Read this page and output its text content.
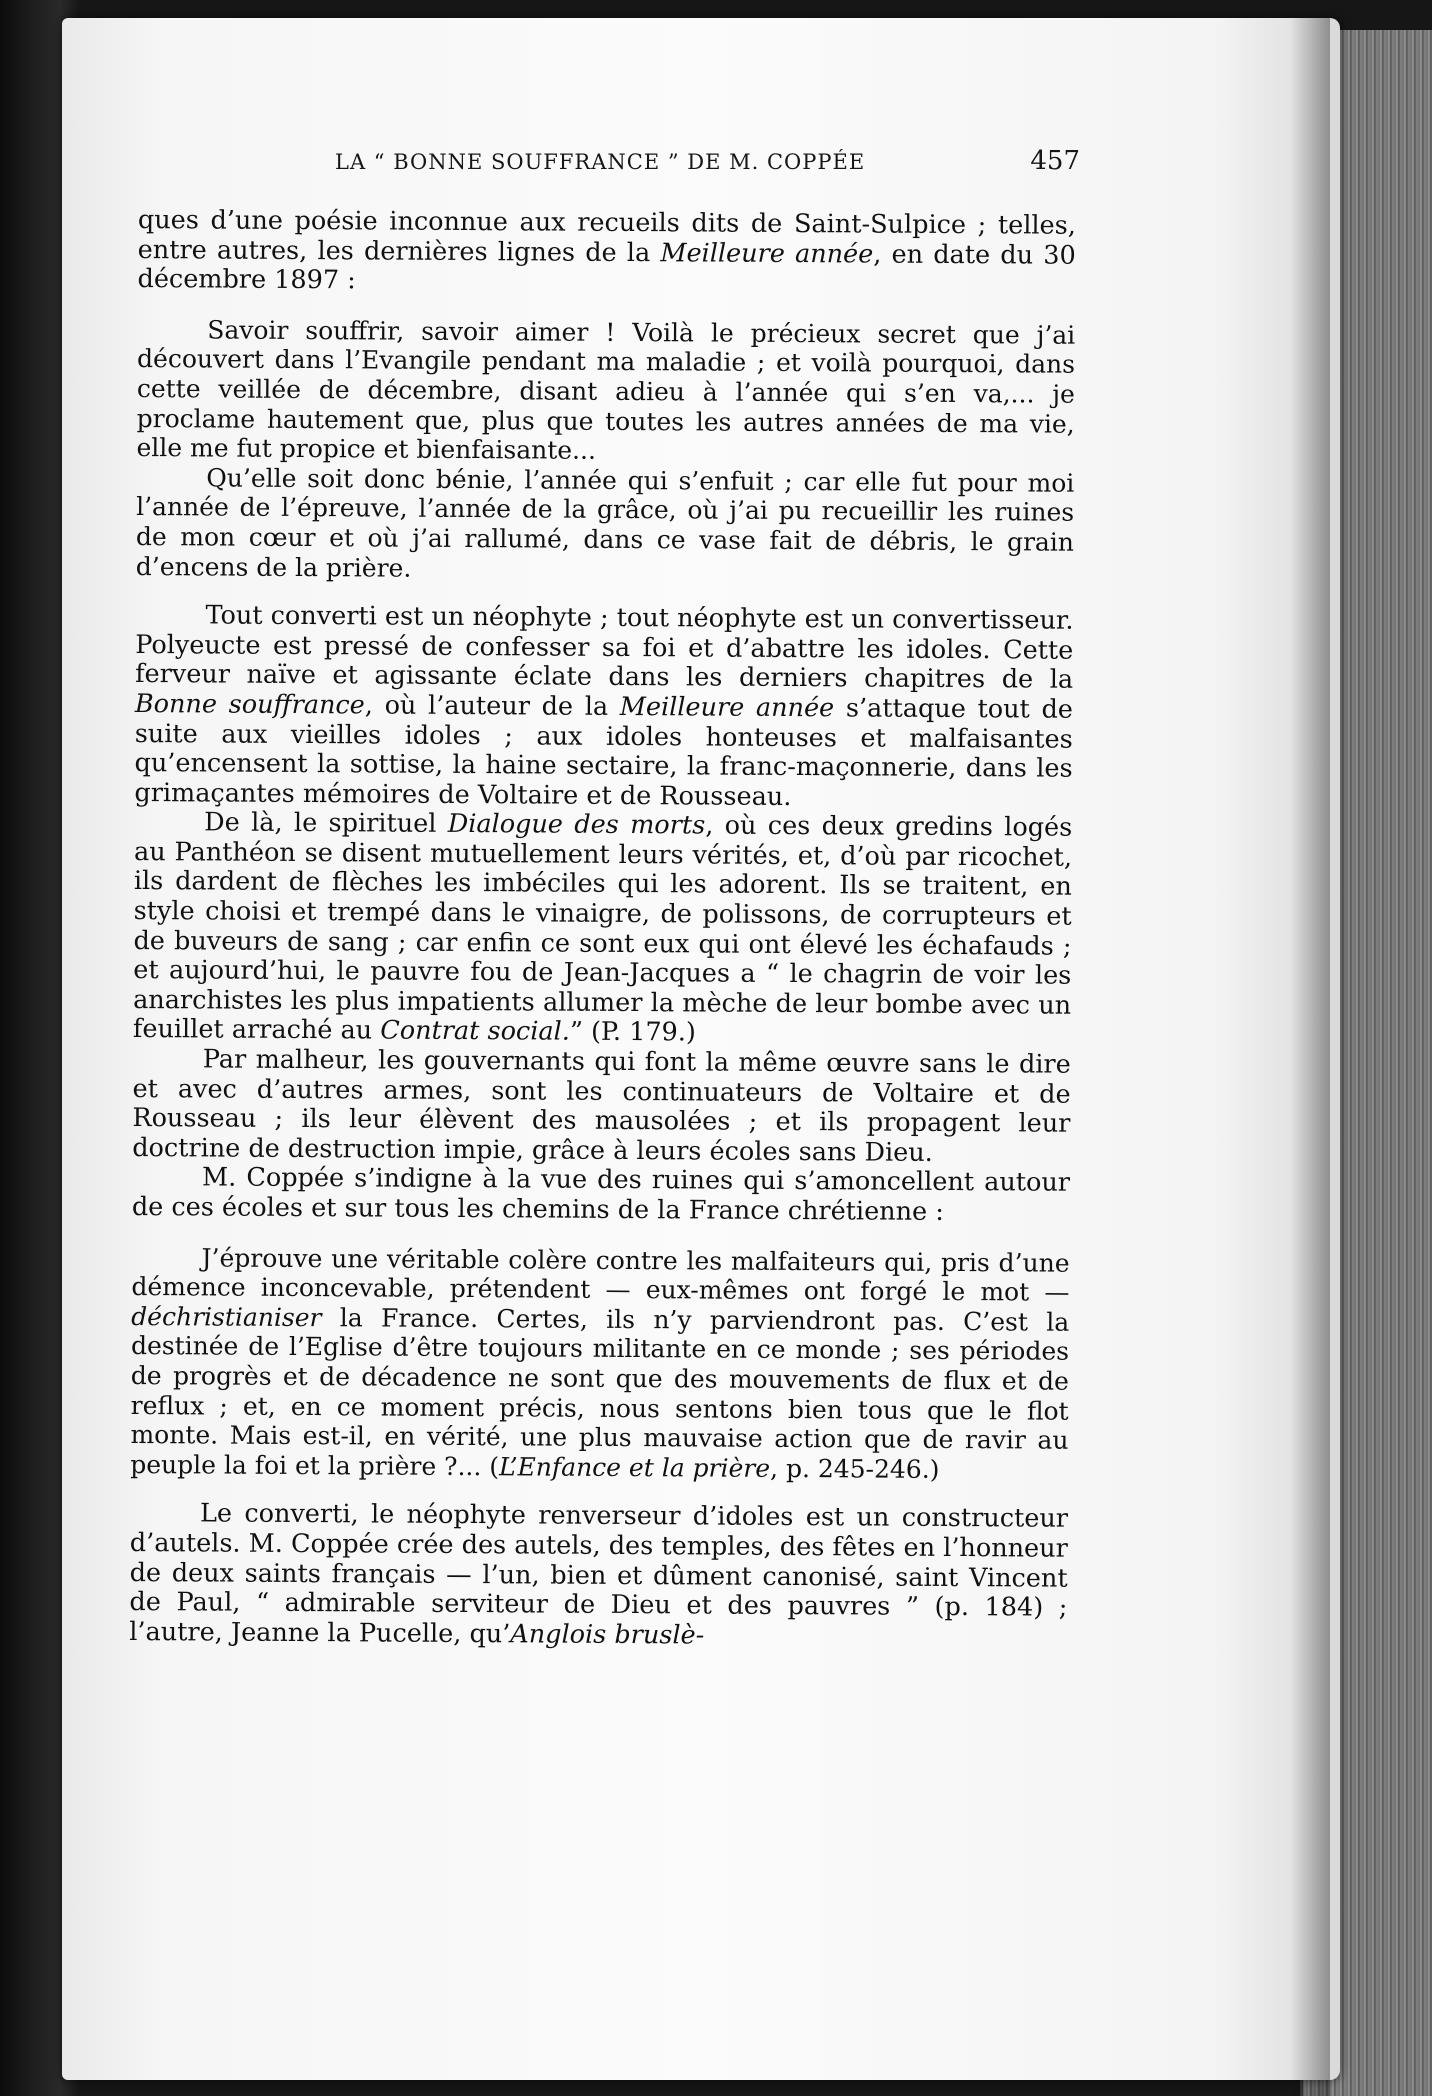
LA “ BONNE SOUFFRANCE ” DE M. COPPÉE	457

ques d’une poésie inconnue aux recueils dits de Saint-Sulpice ; telles, entre autres, les dernières lignes de la Meilleure année, en date du 30 décembre 1897 :

Savoir souffrir, savoir aimer ! Voilà le précieux secret que j’ai découvert dans l’Evangile pendant ma maladie ; et voilà pourquoi, dans cette veillée de décembre, disant adieu à l’année qui s’en va,... je proclame hautement que, plus que toutes les autres années de ma vie, elle me fut propice et bienfaisante...

Qu’elle soit donc bénie, l’année qui s’enfuit ; car elle fut pour moi l’année de l’épreuve, l’année de la grâce, où j’ai pu recueillir les ruines de mon cœur et où j’ai rallumé, dans ce vase fait de débris, le grain d’encens de la prière.

Tout converti est un néophyte ; tout néophyte est un convertisseur. Polyeucte est pressé de confesser sa foi et d’abattre les idoles. Cette ferveur naïve et agissante éclate dans les derniers chapitres de la Bonne souffrance, où l’auteur de la Meilleure année s’attaque tout de suite aux vieilles idoles ; aux idoles honteuses et malfaisantes qu’encensent la sottise, la haine sectaire, la franc-maçonnerie, dans les grimaçantes mémoires de Voltaire et de Rousseau.

De là, le spirituel Dialogue des morts, où ces deux gredins logés au Panthéon se disent mutuellement leurs vérités, et, d’où par ricochet, ils dardent de flèches les imbéciles qui les adorent. Ils se traitent, en style choisi et trempé dans le vinaigre, de polissons, de corrupteurs et de buveurs de sang ; car enfin ce sont eux qui ont élevé les échafauds ; et aujourd’hui, le pauvre fou de Jean-Jacques a “ le chagrin de voir les anarchistes les plus impatients allumer la mèche de leur bombe avec un feuillet arraché au Contrat social.” (P. 179.)

Par malheur, les gouvernants qui font la même œuvre sans le dire et avec d’autres armes, sont les continuateurs de Voltaire et de Rousseau ; ils leur élèvent des mausolées ; et ils propagent leur doctrine de destruction impie, grâce à leurs écoles sans Dieu.

M. Coppée s’indigne à la vue des ruines qui s’amoncellent autour de ces écoles et sur tous les chemins de la France chrétienne :

J’éprouve une véritable colère contre les malfaiteurs qui, pris d’une démence inconcevable, prétendent — eux-mêmes ont forgé le mot — déchristianiser la France. Certes, ils n’y parviendront pas. C’est la destinée de l’Eglise d’être toujours militante en ce monde ; ses périodes de progrès et de décadence ne sont que des mouvements de flux et de reflux ; et, en ce moment précis, nous sentons bien tous que le flot monte. Mais est-il, en vérité, une plus mauvaise action que de ravir au peuple la foi et la prière ?... (L’Enfance et la prière, p. 245-246.)

Le converti, le néophyte renverseur d’idoles est un constructeur d’autels. M. Coppée crée des autels, des temples, des fêtes en l’honneur de deux saints français — l’un, bien et dûment canonisé, saint Vincent de Paul, “ admirable serviteur de Dieu et des pauvres ” (p. 184) ; l’autre, Jeanne la Pucelle, qu’Anglois bruslè-
